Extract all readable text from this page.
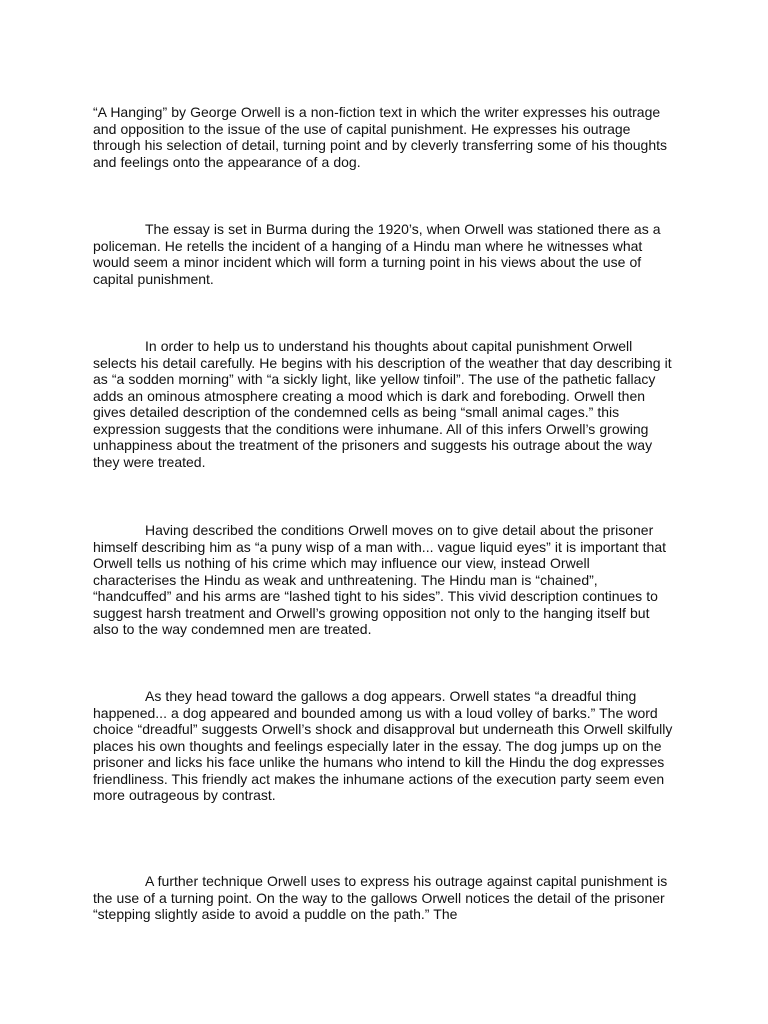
“A Hanging” by George Orwell is a non-fiction text in which the writer expresses his outrage and opposition to the issue of the use of capital punishment. He expresses his outrage through his selection of detail, turning point and by cleverly transferring some of his thoughts and feelings onto the appearance of a dog.

The essay is set in Burma during the 1920’s, when Orwell was stationed there as a policeman. He retells the incident of a hanging of a Hindu man where he witnesses what would seem a minor incident which will form a turning point in his views about the use of capital punishment.

In order to help us to understand his thoughts about capital punishment Orwell selects his detail carefully. He begins with his description of the weather that day describing it as “a sodden morning” with “a sickly light, like yellow tinfoil”. The use of the pathetic fallacy adds an ominous atmosphere creating a mood which is dark and foreboding. Orwell then gives detailed description of the condemned cells as being “small animal cages.” this expression suggests that the conditions were inhumane. All of this infers Orwell’s growing unhappiness about the treatment of the prisoners and suggests his outrage about the way they were treated.

Having described the conditions Orwell moves on to give detail about the prisoner himself describing him as “a puny wisp of a man with... vague liquid eyes” it is important that Orwell tells us nothing of his crime which may influence our view, instead Orwell characterises the Hindu as weak and unthreatening. The Hindu man is “chained”, “handcuffed” and his arms are “lashed tight to his sides”. This vivid description continues to suggest harsh treatment and Orwell’s growing opposition not only to the hanging itself but also to the way condemned men are treated.

As they head toward the gallows a dog appears. Orwell states “a dreadful thing happened... a dog appeared and bounded among us with a loud volley of barks.” The word choice “dreadful” suggests Orwell’s shock and disapproval but underneath this Orwell skilfully places his own thoughts and feelings especially later in the essay. The dog jumps up on the prisoner and licks his face unlike the humans who intend to kill the Hindu the dog expresses friendliness. This friendly act makes the inhumane actions of the execution party seem even more outrageous by contrast.

A further technique Orwell uses to express his outrage against capital punishment is the use of a turning point. On the way to the gallows Orwell notices the detail of the prisoner “stepping slightly aside to avoid a puddle on the path.” The
